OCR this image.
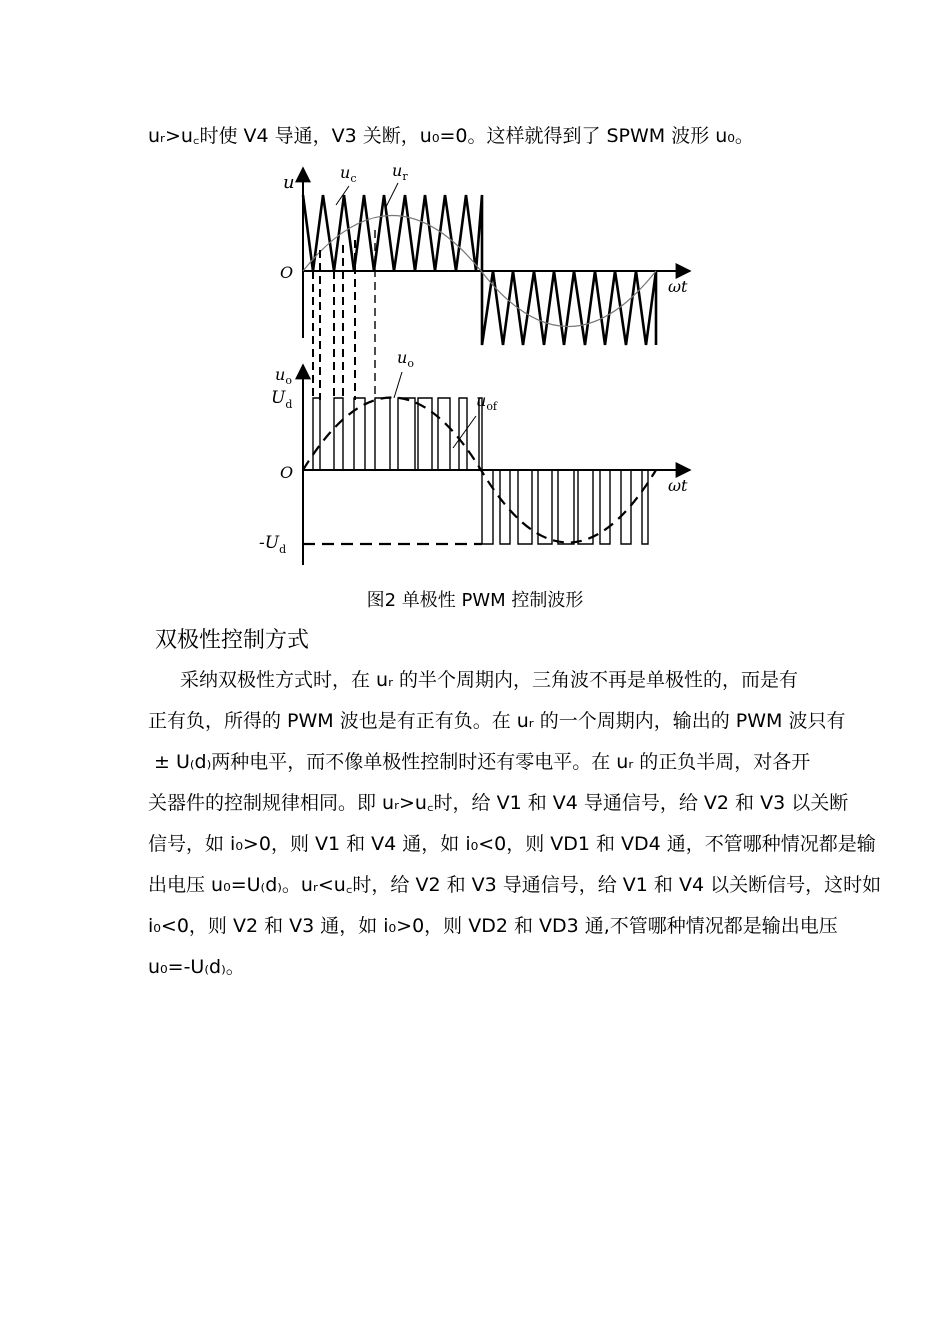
uᵣ>u꜀时使 V4 导通，V3 关断，u₀=0。这样就得到了 SPWM 波形 u₀。
u
O
ωt
$u_c$ $u_r$
$u_o$
$U_d$
O
ωt
$-U_d$
$u_o$
$u_{of}$
图2 单极性 PWM 控制波形
双极性控制方式
采纳双极性方式时，在 uᵣ 的半个周期内，三角波不再是单极性的，而是有
正有负，所得的 PWM 波也是有正有负。在 uᵣ 的一个周期内，输出的 PWM 波只有
± U₍d₎两种电平，而不像单极性控制时还有零电平。在 uᵣ 的正负半周，对各开
关器件的控制规律相同。即 uᵣ>u꜀时，给 V1 和 V4 导通信号，给 V2 和 V3 以关断
信号，如 i₀>0，则 V1 和 V4 通，如 i₀<0，则 VD1 和 VD4 通，不管哪种情况都是输
出电压 u₀=U₍d₎。uᵣ<u꜀时，给 V2 和 V3 导通信号，给 V1 和 V4 以关断信号，这时如
i₀<0，则 V2 和 V3 通，如 i₀>0，则 VD2 和 VD3 通,不管哪种情况都是输出电压
u₀=-U₍d₎。
